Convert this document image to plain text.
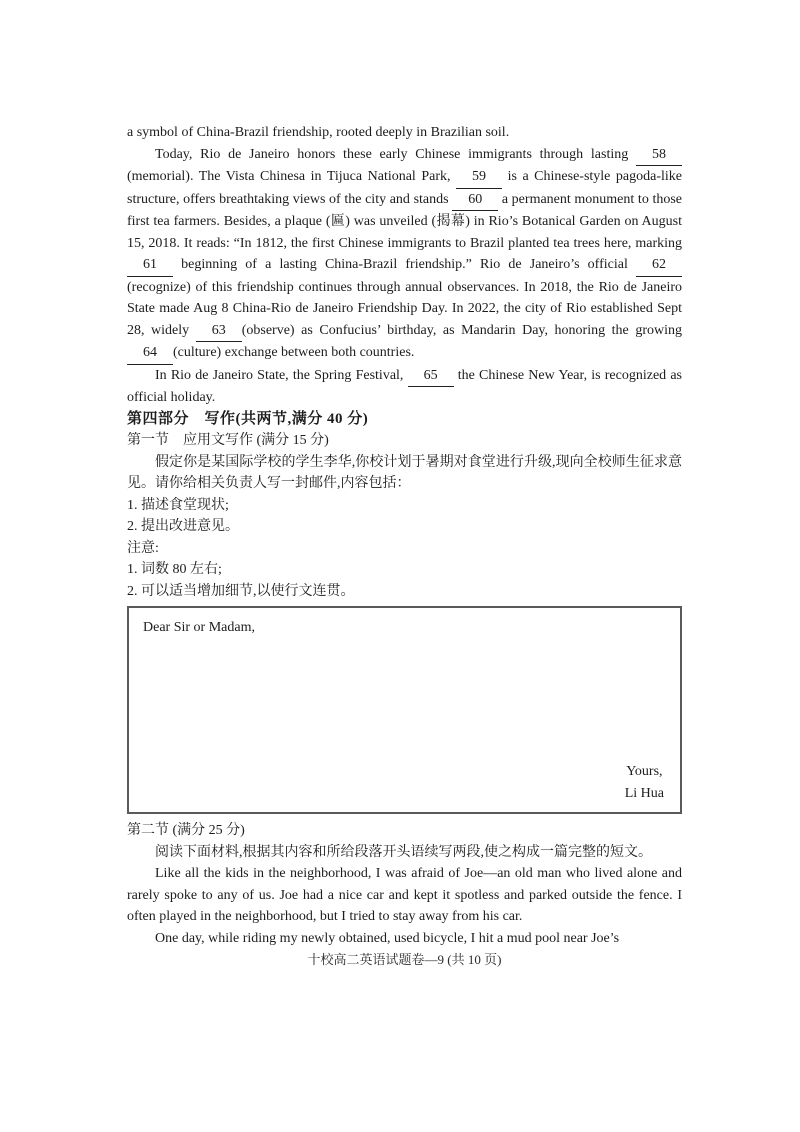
a symbol of China-Brazil friendship, rooted deeply in Brazilian soil.

Today, Rio de Janeiro honors these early Chinese immigrants through lasting 58 (memorial). The Vista Chinesa in Tijuca National Park, 59 is a Chinese-style pagoda-like structure, offers breathtaking views of the city and stands 60 a permanent monument to those first tea farmers. Besides, a plaque (匾) was unveiled (揭幕) in Rio’s Botanical Garden on August 15, 2018. It reads: “In 1812, the first Chinese immigrants to Brazil planted tea trees here, marking 61 beginning of a lasting China-Brazil friendship.” Rio de Janeiro’s official 62(recognize) of this friendship continues through annual observances. In 2018, the Rio de Janeiro State made Aug 8 China-Rio de Janeiro Friendship Day. In 2022, the city of Rio established Sept 28, widely 63 (observe) as Confucius’ birthday, as Mandarin Day, honoring the growing 64 (culture) exchange between both countries.

In Rio de Janeiro State, the Spring Festival, 65 the Chinese New Year, is recognized as official holiday.

第四部分　写作(共两节,满分 40 分)

第一节　应用文写作 (满分 15 分)

假定你是某国际学校的学生李华,你校计划于暑期对食堂进行升级,现向全校师生征求意见。请你给相关负责人写一封邮件,内容包括：

1. 描述食堂现状;

2. 提出改进意见。

注意:

1. 词数 80 左右;

2. 可以适当增加细节,以使行文连贯。

Dear Sir or Madam,

Yours,

Li Hua

第二节 (满分 25 分)

阅读下面材料,根据其内容和所给段落开头语续写两段,使之构成一篇完整的短文。

Like all the kids in the neighborhood, I was afraid of Joe—an old man who lived alone and rarely spoke to any of us. Joe had a nice car and kept it spotless and parked outside the fence. I often played in the neighborhood, but I tried to stay away from his car.

One day, while riding my newly obtained, used bicycle, I hit a mud pool near Joe’s

十校高二英语试题卷—9 (共 10 页)
